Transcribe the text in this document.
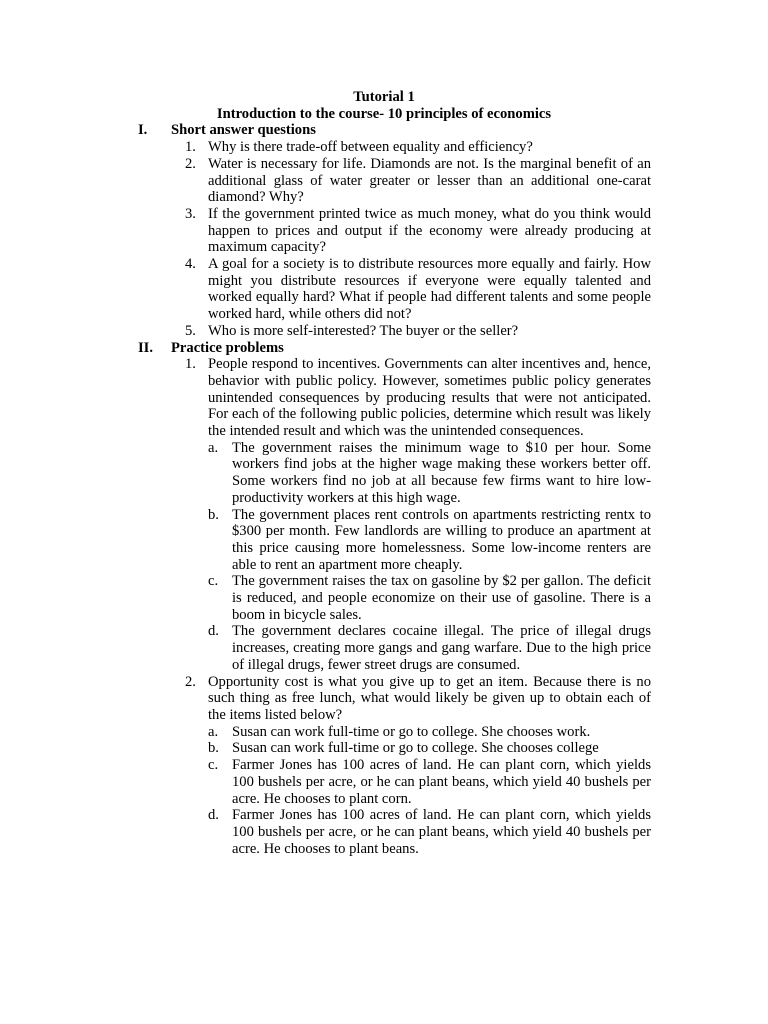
Tutorial 1

Introduction to the course- 10 principles of economics

I. Short answer questions
1. Why is there trade-off between equality and efficiency?

2. Water is necessary for life. Diamonds are not. Is the marginal benefit of an additional glass of water greater or lesser than an additional one-carat diamond? Why?

3. If the government printed twice as much money, what do you think would happen to prices and output if the economy were already producing at maximum capacity?

4. A goal for a society is to distribute resources more equally and fairly. How might you distribute resources if everyone were equally talented and worked equally hard? What if people had different talents and some people worked hard, while others did not?

5. Who is more self-interested? The buyer or the seller?

II. Practice problems
1. People respond to incentives. Governments can alter incentives and, hence, behavior with public policy. However, sometimes public policy generates unintended consequences by producing results that were not anticipated. For each of the following public policies, determine which result was likely the intended result and which was the unintended consequences.

a. The government raises the minimum wage to $10 per hour. Some workers find jobs at the higher wage making these workers better off. Some workers find no job at all because few firms want to hire low- productivity workers at this high wage.

b. The government places rent controls on apartments restricting rentx to $300 per month. Few landlords are willing to produce an apartment at this price causing more homelessness. Some low-income renters are able to rent an apartment more cheaply.

c. The government raises the tax on gasoline by $2 per gallon. The deficit is reduced, and people economize on their use of gasoline. There is a boom in bicycle sales.

d. The government declares cocaine illegal. The price of illegal drugs increases, creating more gangs and gang warfare. Due to the high price of illegal drugs, fewer street drugs are consumed.

2. Opportunity cost is what you give up to get an item. Because there is no such thing as free lunch, what would likely be given up to obtain each of the items listed below?

a. Susan can work full-time or go to college. She chooses work.

b. Susan can work full-time or go to college. She chooses college

c. Farmer Jones has 100 acres of land. He can plant corn, which yields 100 bushels per acre, or he can plant beans, which yield 40 bushels per acre. He chooses to plant corn.

d. Farmer Jones has 100 acres of land. He can plant corn, which yields 100 bushels per acre, or he can plant beans, which yield 40 bushels per acre. He chooses to plant beans.
